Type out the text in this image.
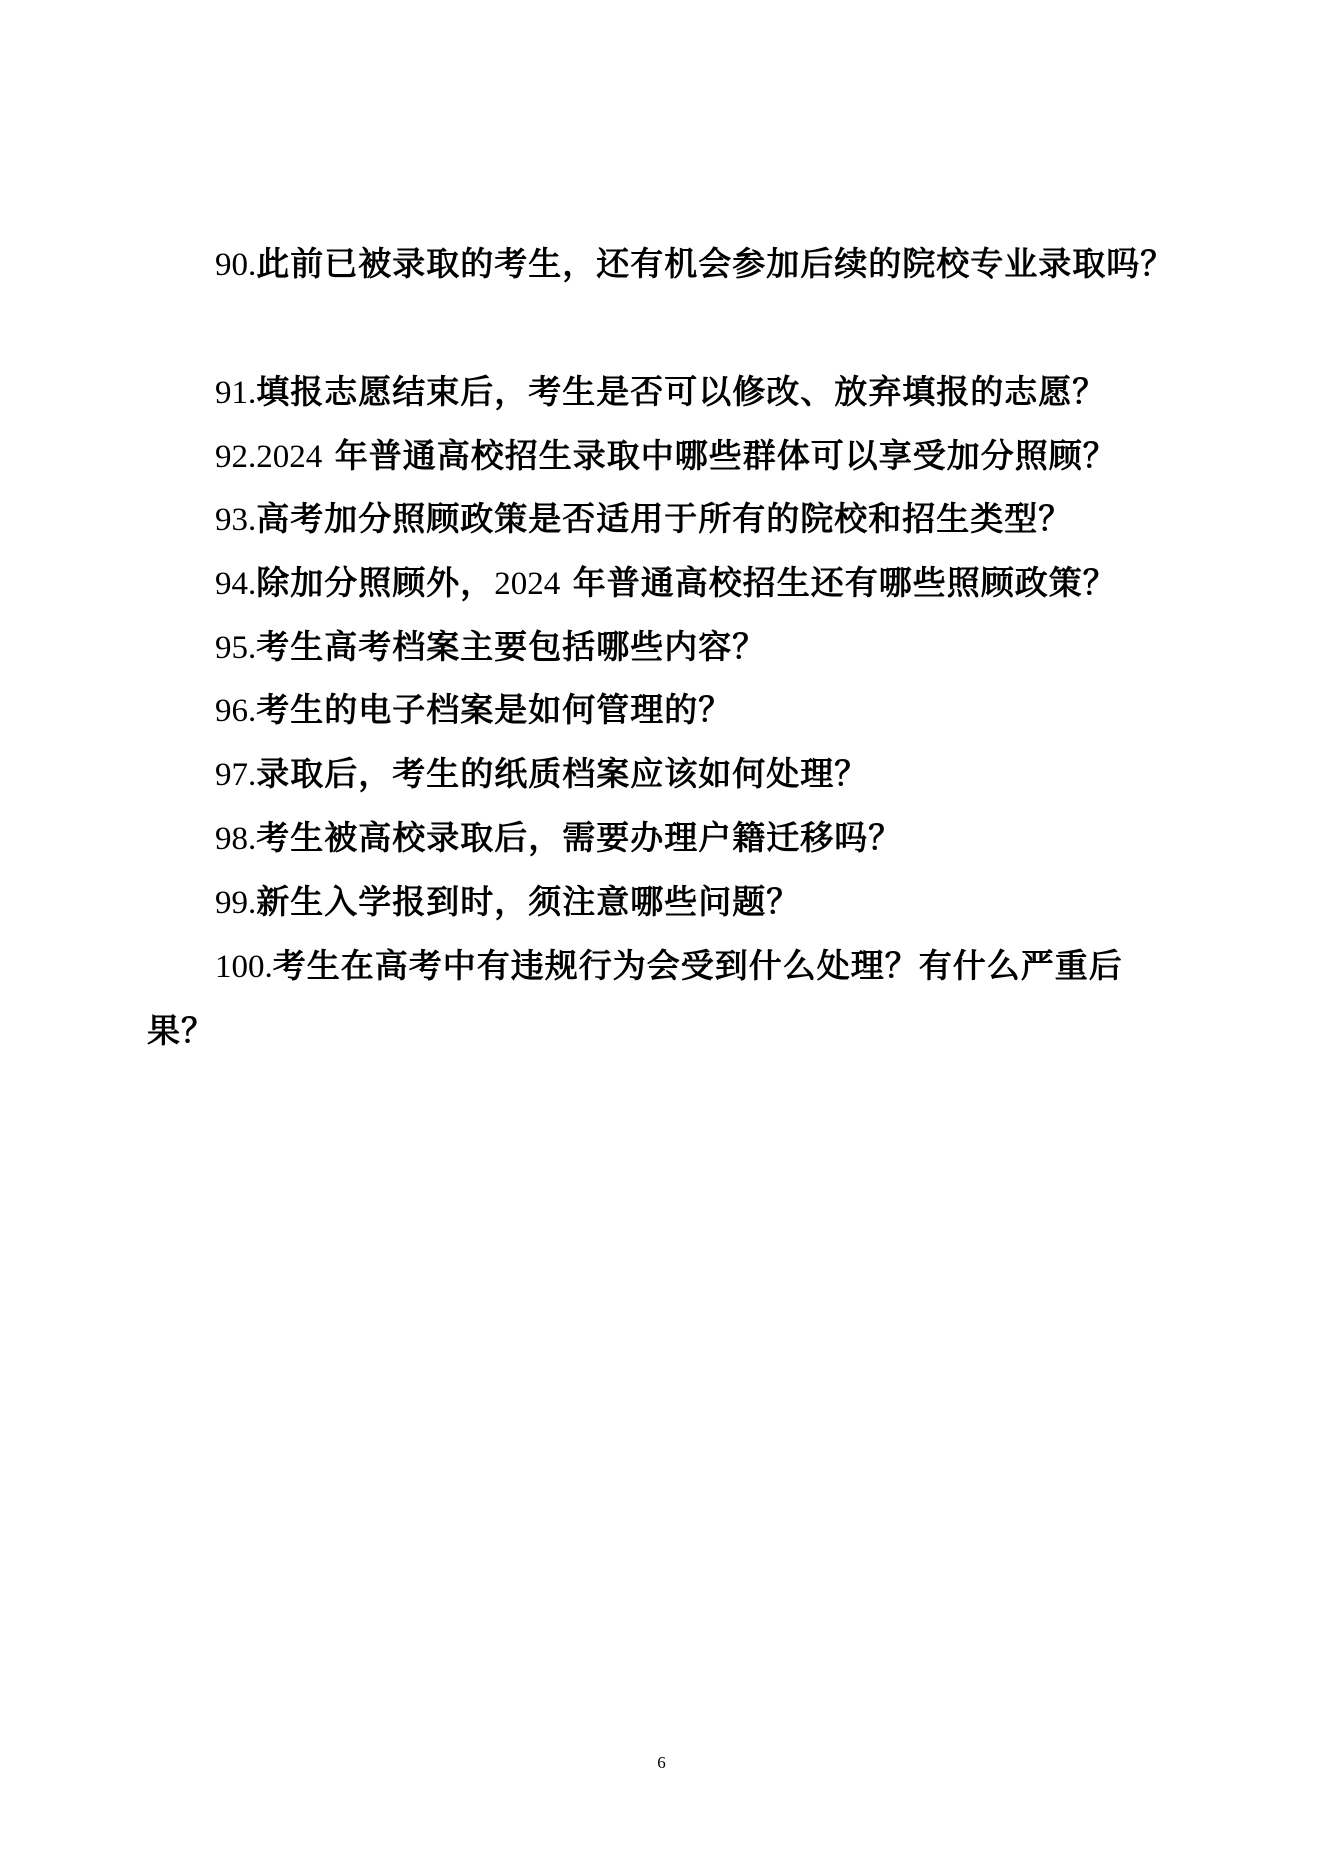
90.此前已被录取的考生，还有机会参加后续的院校专业录取吗？
91.填报志愿结束后，考生是否可以修改、放弃填报的志愿？
92.2024 年普通高校招生录取中哪些群体可以享受加分照顾？
93.高考加分照顾政策是否适用于所有的院校和招生类型？
94.除加分照顾外，2024 年普通高校招生还有哪些照顾政策？
95.考生高考档案主要包括哪些内容？
96.考生的电子档案是如何管理的？
97.录取后，考生的纸质档案应该如何处理？
98.考生被高校录取后，需要办理户籍迁移吗？
99.新生入学报到时，须注意哪些问题？
100.考生在高考中有违规行为会受到什么处理？有什么严重后
果？
6
